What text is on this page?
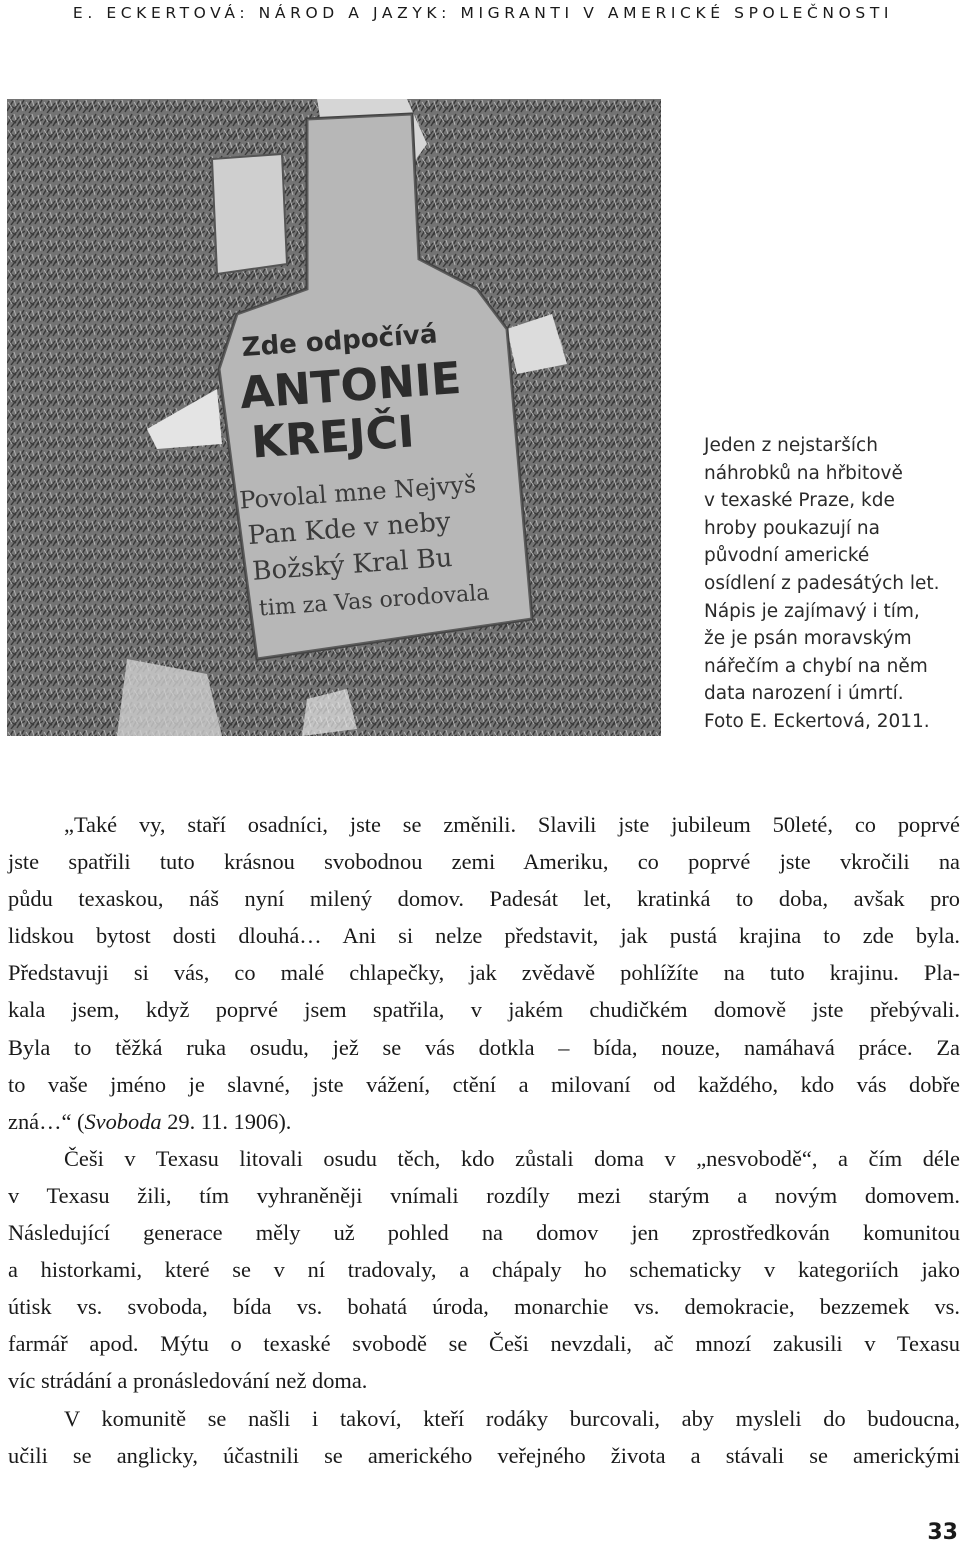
E. ECKERTOVÁ: NÁROD A JAZYK: MIGRANTI V AMERICKÉ SPOLEČNOSTI
Zde odpočívá
ANTONIE
KREJČI
Povolal mne Nejvyš
Pan Kde v neby
Božský Kral Bu
tim za Vas orodovala
Jeden z nejstarších
náhrobků na hřbitově
v texaské Praze, kde
hroby poukazují na
původní americké
osídlení z padesátých let.
Nápis je zajímavý i tím,
že je psán moravským
nářečím a chybí na něm
data narození i úmrtí.
Foto E. Eckertová, 2011.
„Také vy, staří osadníci, jste se změnili. Slavili jste jubileum 50leté, co poprvé
jste spatřili tuto krásnou svobodnou zemi Ameriku, co poprvé jste vkročili na
půdu texaskou, náš nyní milený domov. Padesát let, kratinká to doba, avšak pro
lidskou bytost dosti dlouhá… Ani si nelze představit, jak pustá krajina to zde byla.
Představuji si vás, co malé chlapečky, jak zvědavě pohlížíte na tuto krajinu. Pla-
kala jsem, když poprvé jsem spatřila, v jakém chudičkém domově jste přebývali.
Byla to těžká ruka osudu, jež se vás dotkla – bída, nouze, namáhavá práce. Za
to vaše jméno je slavné, jste vážení, ctění a milovaní od každého, kdo vás dobře
zná…“ (Svoboda 29. 11. 1906).
Češi v Texasu litovali osudu těch, kdo zůstali doma v „nesvobodě“, a čím déle
v Texasu žili, tím vyhraněněji vnímali rozdíly mezi starým a novým domovem.
Následující generace měly už pohled na domov jen zprostředkován komunitou
a historkami, které se v ní tradovaly, a chápaly ho schematicky v kategoriích jako
útisk vs. svoboda, bída vs. bohatá úroda, monarchie vs. demokracie, bezzemek vs.
farmář apod. Mýtu o texaské svobodě se Češi nevzdali, ač mnozí zakusili v Texasu
víc strádání a pronásledování než doma.
V komunitě se našli i takoví, kteří rodáky burcovali, aby mysleli do budoucna,
učili se anglicky, účastnili se amerického veřejného života a stávali se americkými
33
